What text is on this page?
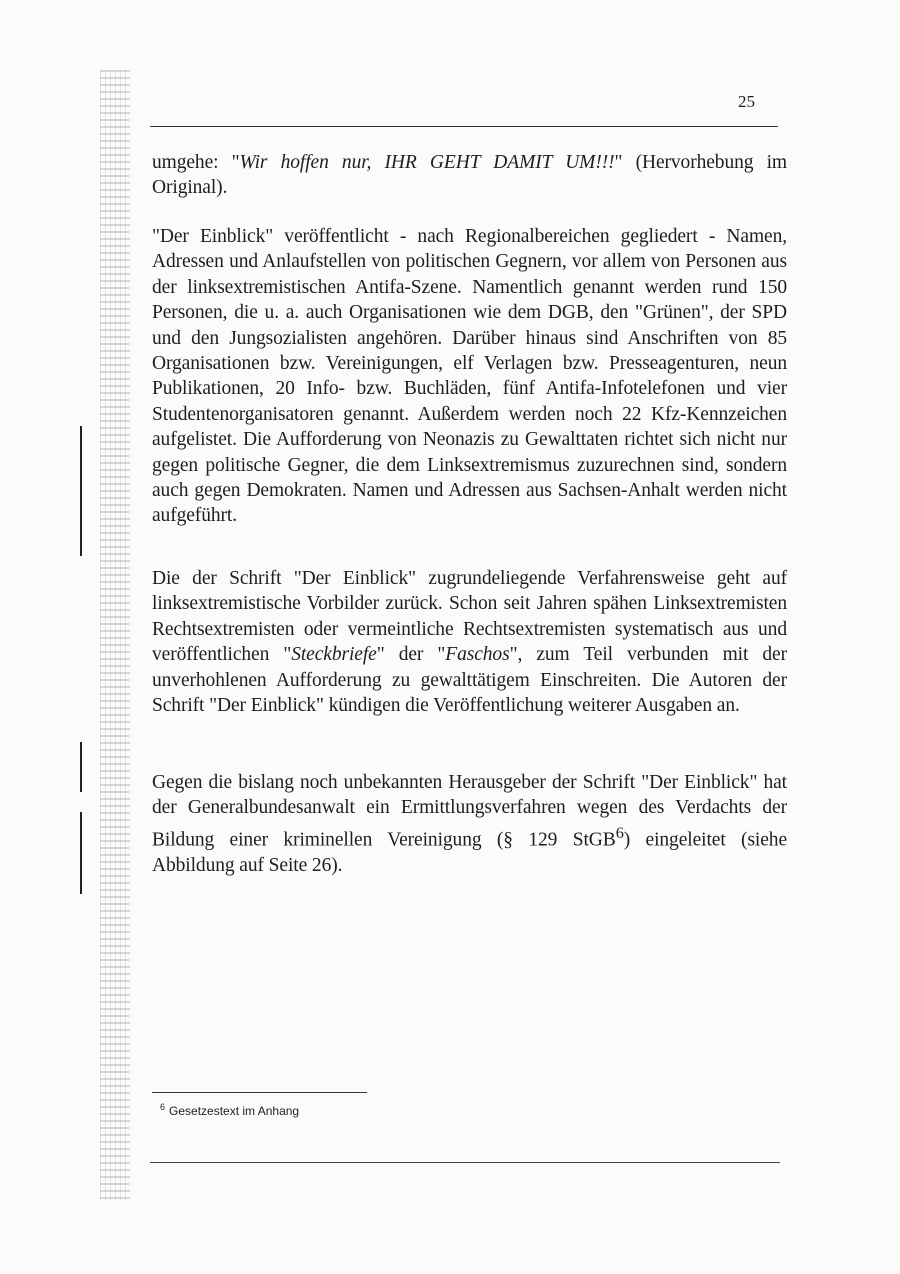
25

umgehe: "Wir hoffen nur, IHR GEHT DAMIT UM!!!" (Hervorhebung im Original).

"Der Einblick" veröffentlicht - nach Regionalbereichen gegliedert - Namen, Adressen und Anlaufstellen von politischen Gegnern, vor allem von Personen aus der linksextremistischen Antifa-Szene. Namentlich genannt werden rund 150 Personen, die u. a. auch Organisationen wie dem DGB, den "Grünen", der SPD und den Jungsozialisten angehören. Darüber hinaus sind Anschriften von 85 Organisationen bzw. Vereinigungen, elf Verlagen bzw. Presseagenturen, neun Publikationen, 20 Info- bzw. Buchläden, fünf Antifa-Infotelefonen und vier Studentenorganisatoren genannt. Außerdem werden noch 22 Kfz-Kennzeichen aufgelistet. Die Aufforderung von Neonazis zu Gewalttaten richtet sich nicht nur gegen politische Gegner, die dem Linksextremismus zuzurechnen sind, sondern auch gegen Demokraten. Namen und Adressen aus Sachsen-Anhalt werden nicht aufgeführt.

Die der Schrift "Der Einblick" zugrundeliegende Verfahrensweise geht auf linksextremistische Vorbilder zurück. Schon seit Jahren spähen Linksextremisten Rechtsextremisten oder vermeintliche Rechtsextremisten systematisch aus und veröffentlichen "Steckbriefe" der "Faschos", zum Teil verbunden mit der unverhohlenen Aufforderung zu gewalttätigem Einschreiten. Die Autoren der Schrift "Der Einblick" kündigen die Veröffentlichung weiterer Ausgaben an.

Gegen die bislang noch unbekannten Herausgeber der Schrift "Der Einblick" hat der Generalbundesanwalt ein Ermittlungsverfahren wegen des Verdachts der Bildung einer kriminellen Vereinigung (§ 129 StGB$^6$) eingeleitet (siehe Abbildung auf Seite 26).

$^6$ Gesetzestext im Anhang
